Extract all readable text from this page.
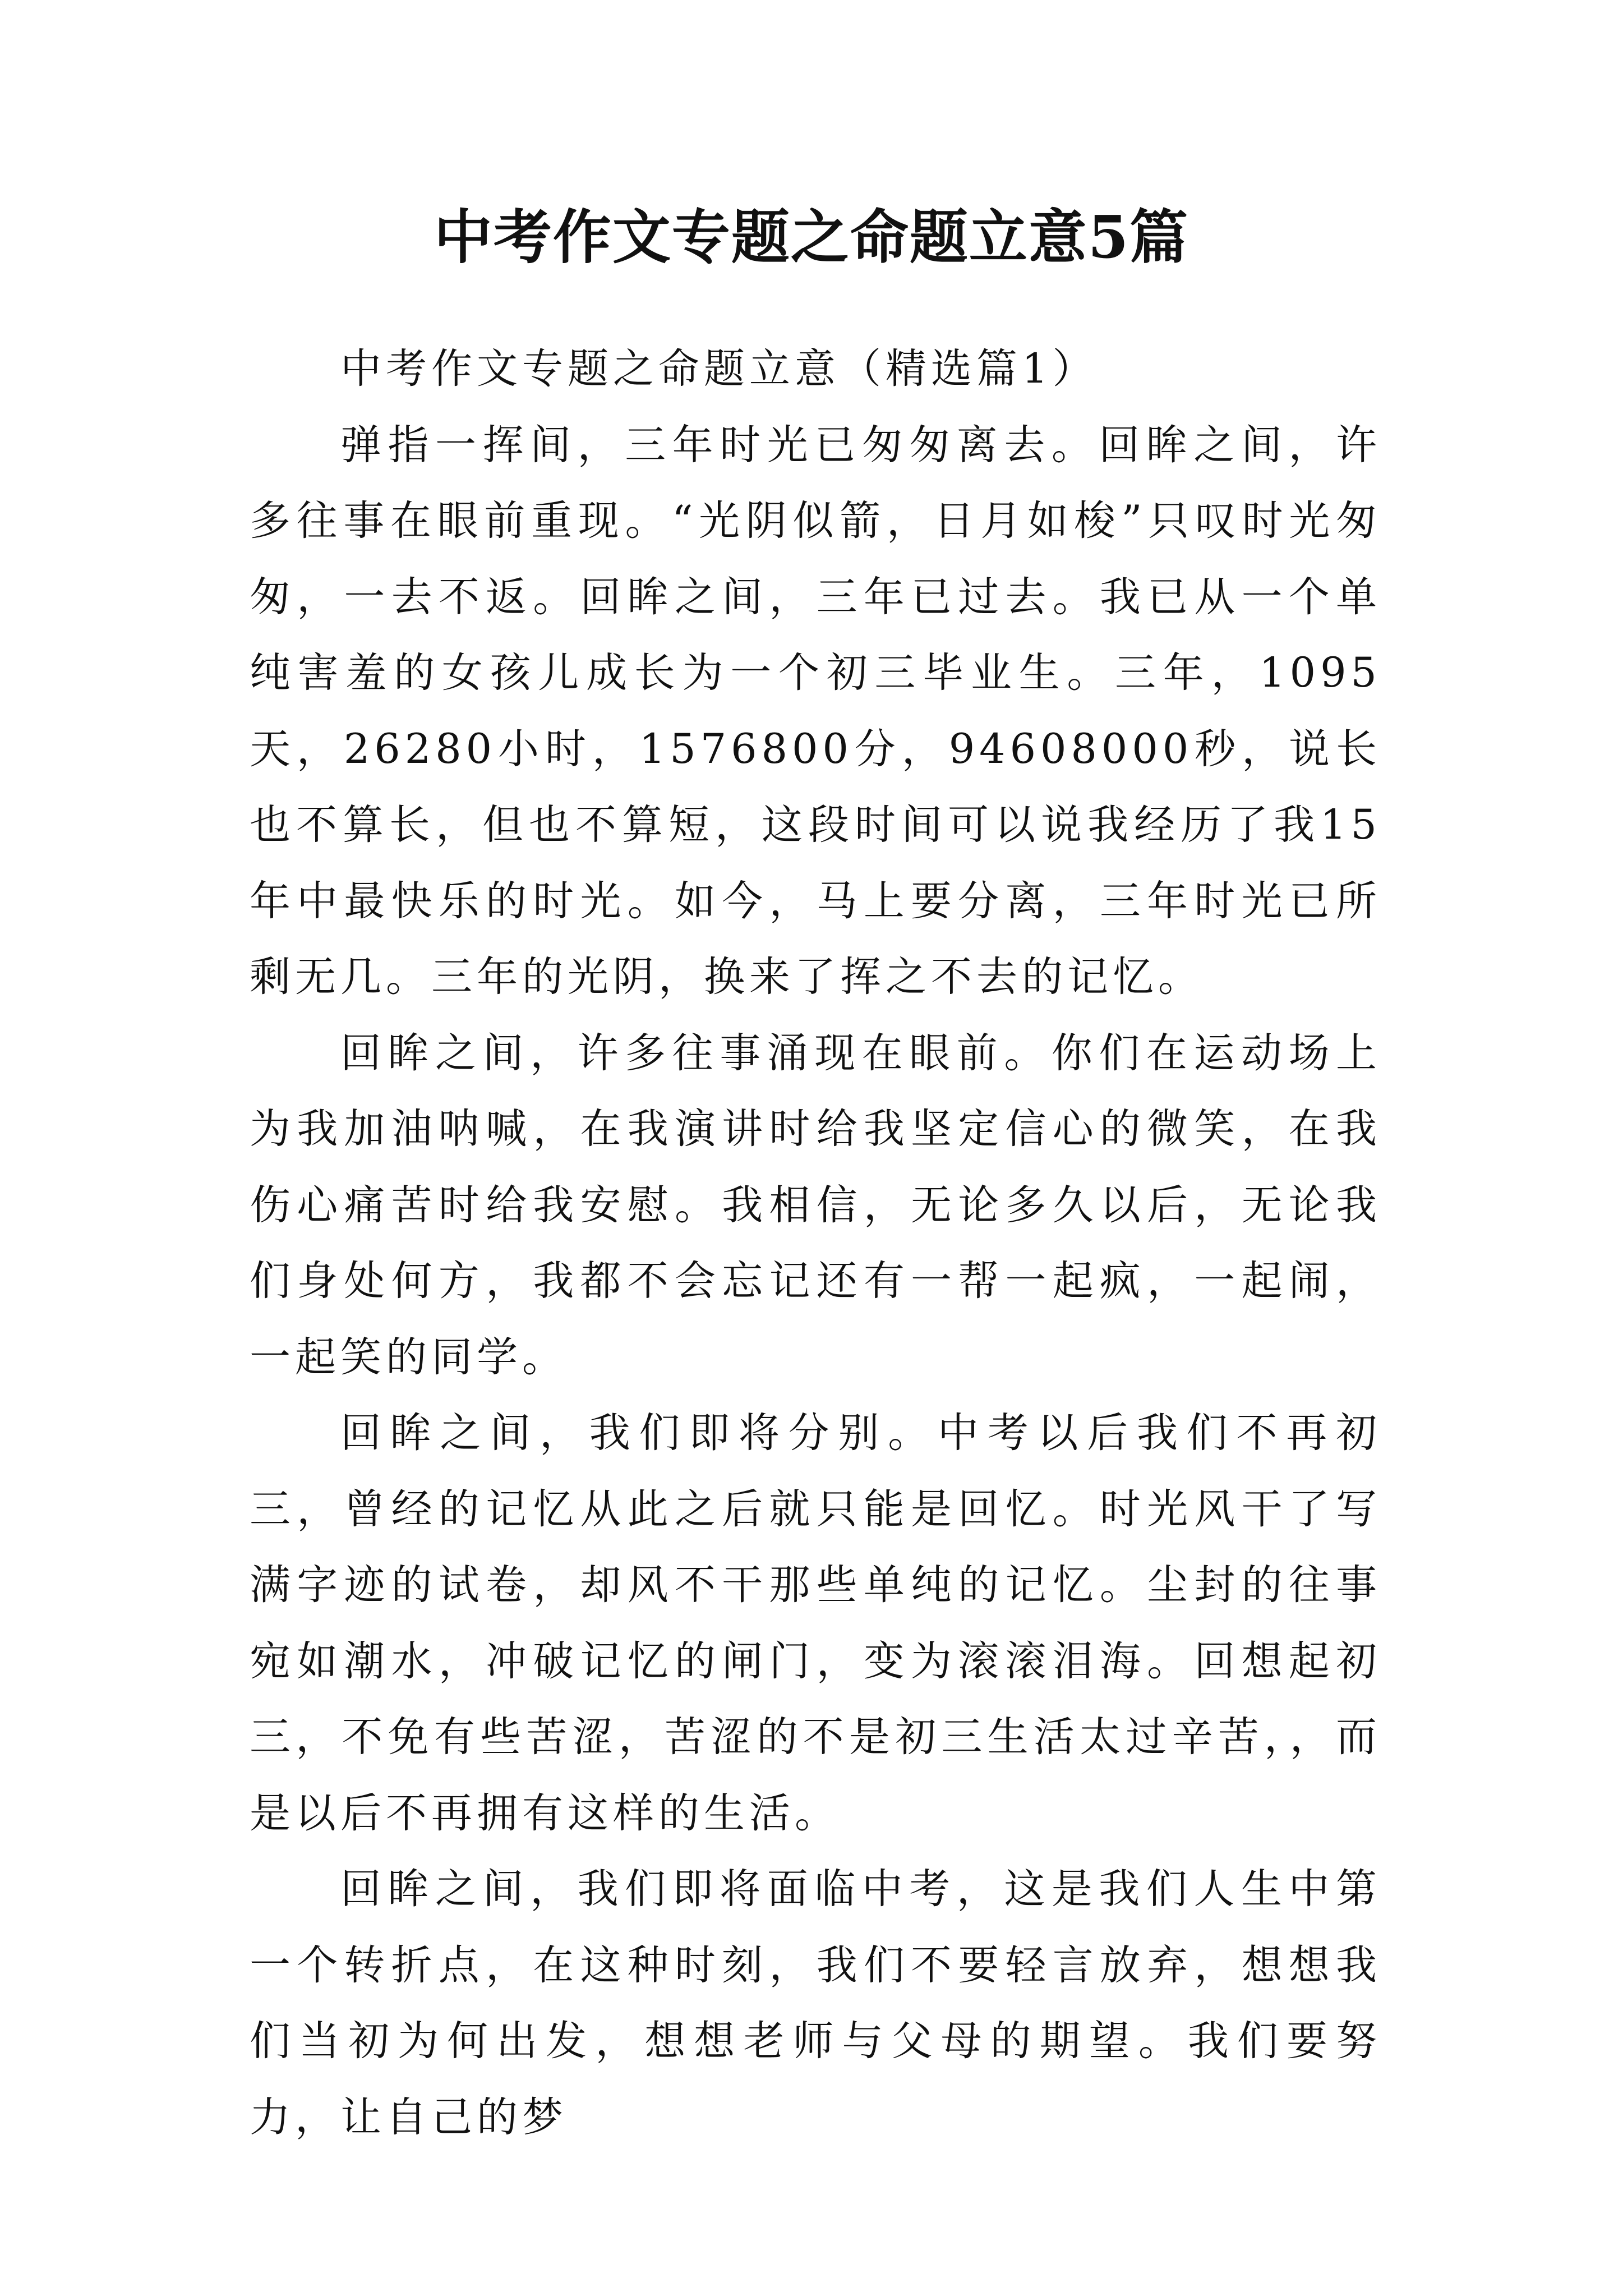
中考作文专题之命题立意5篇

中考作文专题之命题立意（精选篇1）

弹指一挥间，三年时光已匆匆离去。回眸之间，许多往事在眼前重现。“光阴似箭，日月如梭”只叹时光匆匆，一去不返。回眸之间，三年已过去。我已从一个单纯害羞的女孩儿成长为一个初三毕业生。三年，1095天，26280小时，1576800分，94608000秒，说长也不算长，但也不算短，这段时间可以说我经历了我15年中最快乐的时光。如今，马上要分离，三年时光已所剩无几。三年的光阴，换来了挥之不去的记忆。

回眸之间，许多往事涌现在眼前。你们在运动场上为我加油呐喊，在我演讲时给我坚定信心的微笑，在我伤心痛苦时给我安慰。我相信，无论多久以后，无论我们身处何方，我都不会忘记还有一帮一起疯，一起闹，一起笑的同学。

回眸之间，我们即将分别。中考以后我们不再初三，曾经的记忆从此之后就只能是回忆。时光风干了写满字迹的试卷，却风不干那些单纯的记忆。尘封的往事宛如潮水，冲破记忆的闸门，变为滚滚泪海。回想起初三，不免有些苦涩，苦涩的不是初三生活太过辛苦，，而是以后不再拥有这样的生活。

回眸之间，我们即将面临中考，这是我们人生中第一个转折点，在这种时刻，我们不要轻言放弃，想想我们当初为何出发，想想老师与父母的期望。我们要努力，让自己的梦
